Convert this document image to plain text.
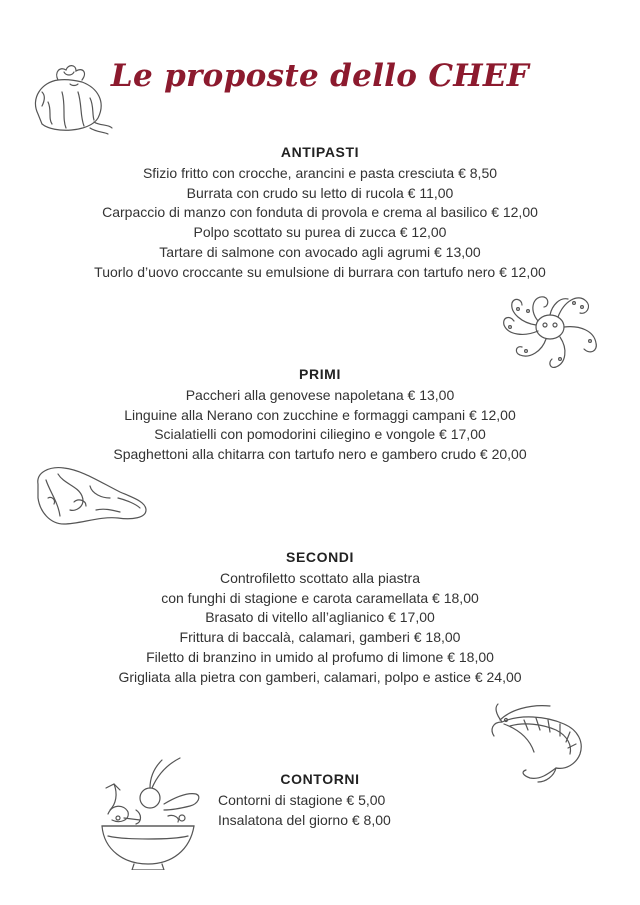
Le proposte dello CHEF
ANTIPASTI
Sfizio fritto con crocche, arancini e pasta cresciuta € 8,50
Burrata con crudo su letto di rucola € 11,00
Carpaccio di manzo con fonduta di provola e crema al basilico € 12,00
Polpo scottato su purea di zucca € 12,00
Tartare di salmone con avocado agli agrumi € 13,00
Tuorlo d’uovo croccante su emulsione di burrara con tartufo nero € 12,00
PRIMI
Paccheri alla genovese napoletana € 13,00
Linguine alla Nerano con zucchine e formaggi campani € 12,00
Scialatielli con pomodorini ciliegino e vongole € 17,00
Spaghettoni alla chitarra con tartufo nero e gambero crudo € 20,00
SECONDI
Controfiletto scottato alla piastra
con funghi di stagione e carota caramellata € 18,00
Brasato di vitello all’aglianico € 17,00
Frittura di baccalà, calamari, gamberi € 18,00
Filetto di branzino in umido al profumo di limone € 18,00
Grigliata alla pietra con gamberi, calamari, polpo e astice € 24,00
CONTORNI
Contorni di stagione € 5,00
Insalatona del giorno € 8,00
